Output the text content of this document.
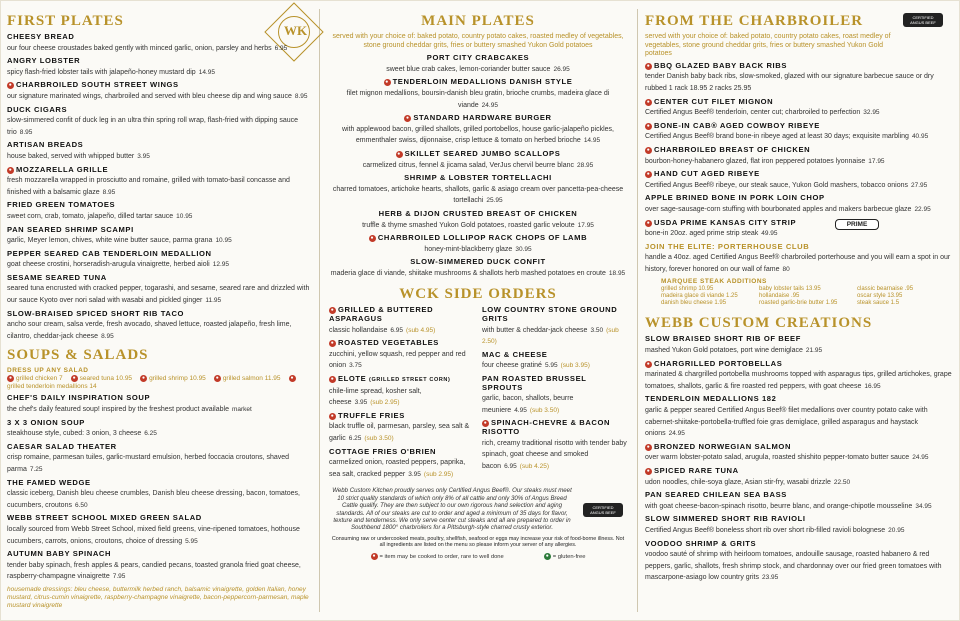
WK
FIRST PLATES
CHEESY BREAD
our four cheese croustades baked gently with minced garlic, onion, parsley and herbs 6.95
ANGRY LOBSTER
spicy flash-fried lobster tails with jalapeño-honey mustard dip 14.95
● CHARBROILED SOUTH STREET WINGS
our signature marinated wings, charbroiled and served with bleu cheese dip and wing sauce 8.95
DUCK CIGARS
slow-simmered confit of duck leg in an ultra thin spring roll wrap, flash-fried with dipping sauce trio 8.95
ARTISAN BREADS
house baked, served with whipped butter 3.95
● MOZZARELLA GRILLE
fresh mozzarella wrapped in prosciutto and romaine, grilled with tomato-basil concasse and finished with a balsamic glaze 8.95
FRIED GREEN TOMATOES
sweet corn, crab, tomato, jalapeño, dilled tartar sauce 10.95
PAN SEARED SHRIMP SCAMPI
garlic, Meyer lemon, chives, white wine butter sauce, parma grana 10.95
PEPPER SEARED CAB TENDERLOIN MEDALLION
goat cheese crostini, horseradish-arugula vinaigrette, herbed aioli 12.95
SESAME SEARED TUNA
seared tuna encrusted with cracked pepper, togarashi, and sesame, seared rare and drizzled with our sauce Kyoto over nori salad with wasabi and pickled ginger 11.95
SLOW-BRAISED SPICED SHORT RIB TACO
ancho sour cream, salsa verde, fresh avocado, shaved lettuce, roasted jalapeño, fresh lime, cilantro, cheddar-jack cheese 8.95
SOUPS & SALADS
DRESS UP ANY SALAD
● grilled chicken 7 ● seared tuna 10.95 ● grilled shrimp 10.95 ● grilled salmon 11.95 ●grilled tenderloin medallions 14
CHEF'S DAILY INSPIRATION SOUP
the chef's daily featured soup! inspired by the freshest product available market
3 X 3 ONION SOUP
steakhouse style, cubed: 3 onion, 3 cheese 6.25
CAESAR SALAD THEATER
crisp romaine, parmesan tuiles, garlic-mustard emulsion, herbed foccacia croutons, shaved parma 7.25
THE FAMED WEDGE
classic iceberg, Danish bleu cheese crumbles, Danish bleu cheese dressing, bacon, tomatoes, cucumbers, croutons 6.50
WEBB STREET SCHOOL MIXED GREEN SALAD
locally sourced from Webb Street School, mixed field greens, vine-ripened tomatoes, hothouse cucumbers, carrots, onions, croutons, choice of dressing 5.95
AUTUMN BABY SPINACH
tender baby spinach, fresh apples & pears, candied pecans, toasted granola fried goat cheese, raspberry-champagne vinaigrette 7.95
housemade dressings: bleu cheese, buttermilk herbed ranch, balsamic vinaigrette, golden Italian, honey mustard, citrus-cumin vinaigrette, raspberry-champagne vinaigrette, bacon-peppercorn-parmesan, maple mustard vinaigrette
MAIN PLATES
served with your choice of: baked potato, country potato cakes, roasted medley of vegetables, stone ground cheddar grits, fries or buttery smashed Yukon Gold potatoes
PORT CITY CRABCAKES
sweet blue crab cakes, lemon-coriander butter sauce 26.95
● TENDERLOIN MEDALLIONS DANISH STYLE
filet mignon medallions, boursin-danish bleu gratin, brioche crumbs, madeira glace di viande 24.95
● STANDARD HARDWARE BURGER
with applewood bacon, grilled shallots, grilled portobellos, house garlic-jalapeño pickles, emmenthaler swiss, dijonnaise, crisp lettuce & tomato on herbed brioche 14.95
● SKILLET SEARED JUMBO SCALLOPS
carmelized citrus, fennel & jicama salad, VerJus chervil beurre blanc 28.95
SHRIMP & LOBSTER TORTELLACHI
charred tomatoes, artichoke hearts, shallots, garlic & asiago cream over pancetta-pea-cheese tortellachi 25.95
HERB & DIJON CRUSTED BREAST OF CHICKEN
truffle & thyme smashed Yukon Gold potatoes, roasted garlic veloute 17.95
● CHARBROILED LOLLIPOP RACK CHOPS OF LAMB
honey-mint-blackberry glaze 30.95
SLOW-SIMMERED DUCK CONFIT
maderia glace di viande, shiitake mushrooms & shallots herb mashed potatoes en croute 18.95
WCK SIDE ORDERS
● GRILLED & BUTTERED ASPARAGUS
classic hollandaise 6.95 (sub 4.95)
● ROASTED VEGETABLES
zucchini, yellow squash, red pepper and red onion 3.75
● ELOTE (GRILLED STREET CORN)
chile-lime spread, kosher salt, cheese 3.95 (sub 2.95)
● TRUFFLE FRIES
black truffle oil, parmesan, parsley, sea salt & garlic 6.25 (sub 3.50)
COTTAGE FRIES O'BRIEN
carmelized onion, roasted peppers, paprika, sea salt, cracked pepper 3.95 (sub 2.95)
LOW COUNTRY STONE GROUND GRITS
with butter & cheddar-jack cheese 3.50 (sub 2.50)
MAC & CHEESE
four cheese gratiné 5.95 (sub 3.95)
PAN ROASTED BRUSSEL SPROUTS
garlic, bacon, shallots, beurre meuniere 4.95 (sub 3.50)
● SPINACH-CHEVRE & BACON RISOTTO
rich, creamy traditional risotto with tender baby spinach, goat cheese and smoked bacon 6.95 (sub 4.25)
Webb Custom Kitchen proudly serves only Certified Angus Beef®. Our steaks must meet 10 strict quality standards of which only 8% of all cattle and only 30% of Angus Breed Cattle qualify. They are then subject to our own rigorous hand selection and aging standards. All of our steaks are cut to order and aged a minimum of 35 days for flavor, texture and tenderness. We only serve center cut steaks and all are prepared to order in Southbend 1800° charbroilers for a Pittsburgh-style charred crusty exterior.
CERTIFIED
ANGUS BEEF
Consuming raw or undercooked meats, poultry, shellfish, seafood or eggs may increase your risk of food-borne illness. Not all ingredients are listed on the menu so please inform your server of any allergies.
● = item may be cooked to order, rare to well done	● = gluten-free
FROM THE CHARBROILER	CERTIFIED
ANGUS BEEF
served with your choice of: baked potato, country potato cakes, roast medley of vegetables, stone ground cheddar grits, fries or buttery smashed Yukon Gold potatoes
● BBQ GLAZED BABY BACK RIBS
tender Danish baby back ribs, slow-smoked, glazed with our signature barbecue sauce or dry rubbed 1 rack 18.95 2 racks 25.95
● CENTER CUT FILET MIGNON
Certified Angus Beef® tenderloin, center cut; charbroiled to perfection 32.95
● BONE-IN CAB® AGED COWBOY RIBEYE
Certified Angus Beef® brand bone-in ribeye aged at least 30 days; exquisite marbling 40.95
● CHARBROILED BREAST OF CHICKEN
bourbon-honey-habanero glazed, flat iron peppered potatoes lyonnaise 17.95
● HAND CUT AGED RIBEYE
Certified Angus Beef® ribeye, our steak sauce, Yukon Gold mashers, tobacco onions 27.95
APPLE BRINED BONE IN PORK LOIN CHOP
over sage-sausage-corn stuffing with bourbonated apples and makers barbecue glaze 22.95
● USDA PRIME KANSAS CITY STRIP
bone-in 20oz. aged prime strip steak 49.95
PRIME
JOIN THE ELITE: PORTERHOUSE CLUB
handle a 40oz. aged Certified Angus Beef® charbroiled porterhouse and you will earn a spot in our history, forever honored on our wall of fame 80
MARQUEE STEAK ADDITIONS
grilled shrimp 10.95	baby lobster tails 13.95	classic bearnaise .95
madeira glace di viande 1.25	hollandaise .95	oscar style 13.95
danish bleu cheese 1.95	roasted garlic-brie butter 1.95	steak sauce 1.5
WEBB CUSTOM CREATIONS
SLOW BRAISED SHORT RIB OF BEEF
mashed Yukon Gold potatoes, port wine demiglace 21.95
● CHARGRILLED PORTOBELLAS
marinated & chargrilled portobella mushrooms topped with asparagus tips, grilled artichokes, grape tomatoes, shallots, garlic & fire roasted red peppers, with goat cheese 16.95
TENDERLOIN MEDALLIONS 182
garlic & pepper seared Certified Angus Beef® filet medallions over country potato cake with cabernet-shiitake-portobella-truffled foie gras demiglace, grilled asparagus and haystack onions 24.95
● BRONZED NORWEGIAN SALMON
over warm lobster-potato salad, arugula, roasted shishito pepper-tomato butter sauce 24.95
● SPICED RARE TUNA
udon noodles, chile-soya glaze, Asian stir-fry, wasabi drizzle 22.50
PAN SEARED CHILEAN SEA BASS
with goat cheese-bacon-spinach risotto, beurre blanc, and orange-chipotle mousseline 34.95
SLOW SIMMERED SHORT RIB RAVIOLI
Certified Angus Beef® boneless short rib over short rib-filled ravioli bolognese 20.95
VOODOO SHRIMP & GRITS
voodoo sauté of shrimp with heirloom tomatoes, andouille sausage, roasted habanero & red peppers, garlic, shallots, fresh shrimp stock, and chardonnay over our fried green tomatoes with mascarpone-asiago low country grits 23.95
